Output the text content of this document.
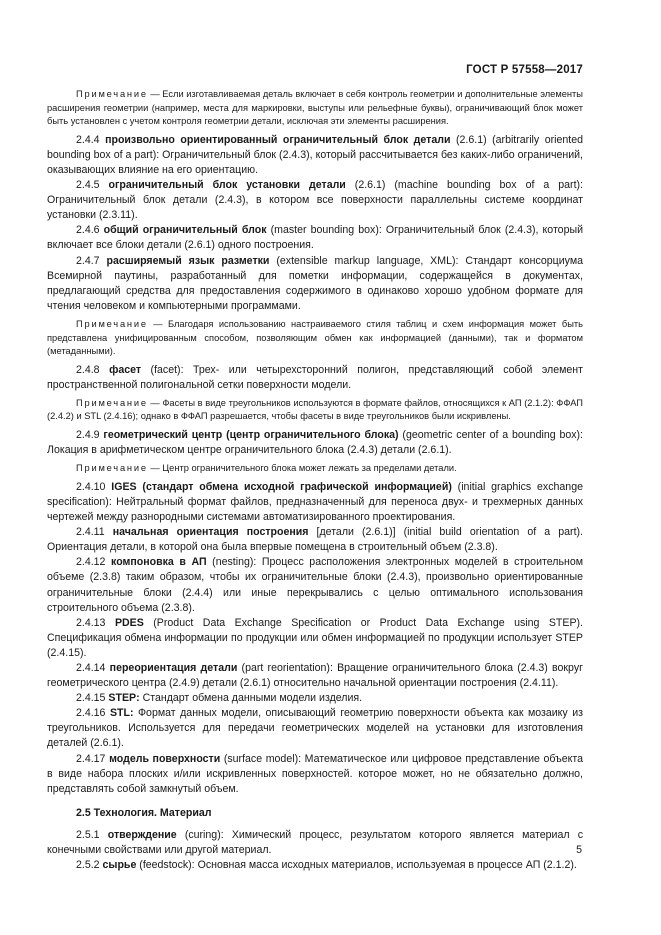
ГОСТ Р 57558—2017

Примечание — Если изготавливаемая деталь включает в себя контроль геометрии и дополнительные элементы расширения геометрии (например, места для маркировки, выступы или рельефные буквы), ограничивающий блок может быть установлен с учетом контроля геометрии детали, исключая эти элементы расширения.

2.4.4 произвольно ориентированный ограничительный блок детали (2.6.1) (arbitrarily oriented bounding box of a part): Ограничительный блок (2.4.3), который рассчитывается без каких-либо ограничений, оказывающих влияние на его ориентацию.

2.4.5 ограничительный блок установки детали (2.6.1) (machine bounding box of a part): Ограничительный блок детали (2.4.3), в котором все поверхности параллельны системе координат установки (2.3.11).

2.4.6 общий ограничительный блок (master bounding box): Ограничительный блок (2.4.3), который включает все блоки детали (2.6.1) одного построения.

2.4.7 расширяемый язык разметки (extensible markup language, XML): Стандарт консорциума Всемирной паутины, разработанный для пометки информации, содержащейся в документах, предлагающий средства для предоставления содержимого в одинаково хорошо удобном формате для чтения человеком и компьютерными программами.

Примечание — Благодаря использованию настраиваемого стиля таблиц и схем информация может быть представлена унифицированным способом, позволяющим обмен как информацией (данными), так и форматом (метаданными).

2.4.8 фасет (facet): Трех- или четырехсторонний полигон, представляющий собой элемент пространственной полигональной сетки поверхности модели.

Примечание — Фасеты в виде треугольников используются в формате файлов, относящихся к АП (2.1.2): ФФАП (2.4.2) и STL (2.4.16); однако в ФФАП разрешается, чтобы фасеты в виде треугольников были искривлены.

2.4.9 геометрический центр (центр ограничительного блока) (geometric center of a bounding box): Локация в арифметическом центре ограничительного блока (2.4.3) детали (2.6.1).

Примечание — Центр ограничительного блока может лежать за пределами детали.

2.4.10 IGES (стандарт обмена исходной графической информацией) (initial graphics exchange specification): Нейтральный формат файлов, предназначенный для переноса двух- и трехмерных данных чертежей между разнородными системами автоматизированного проектирования.

2.4.11 начальная ориентация построения [детали (2.6.1)] (initial build orientation of a part). Ориентация детали, в которой она была впервые помещена в строительный объем (2.3.8).

2.4.12 компоновка в АП (nesting): Процесс расположения электронных моделей в строительном объеме (2.3.8) таким образом, чтобы их ограничительные блоки (2.4.3), произвольно ориентированные ограничительные блоки (2.4.4) или иные перекрывались с целью оптимального использования строительного объема (2.3.8).

2.4.13 PDES (Product Data Exchange Specification or Product Data Exchange using STEP). Спецификация обмена информации по продукции или обмен информацией по продукции использует STEP (2.4.15).

2.4.14 переориентация детали (part reorientation): Вращение ограничительного блока (2.4.3) вокруг геометрического центра (2.4.9) детали (2.6.1) относительно начальной ориентации построения (2.4.11).

2.4.15 STEP: Стандарт обмена данными модели изделия.

2.4.16 STL: Формат данных модели, описывающий геометрию поверхности объекта как мозаику из треугольников. Используется для передачи геометрических моделей на установки для изготовления деталей (2.6.1).

2.4.17 модель поверхности (surface model): Математическое или цифровое представление объекта в виде набора плоских и/или искривленных поверхностей. которое может, но не обязательно должно, представлять собой замкнутый объем.

2.5 Технология. Материал

2.5.1 отверждение (curing): Химический процесс, результатом которого является материал с конечными свойствами или другой материал.

2.5.2 сырье (feedstock): Основная масса исходных материалов, используемая в процессе АП (2.1.2).

5
